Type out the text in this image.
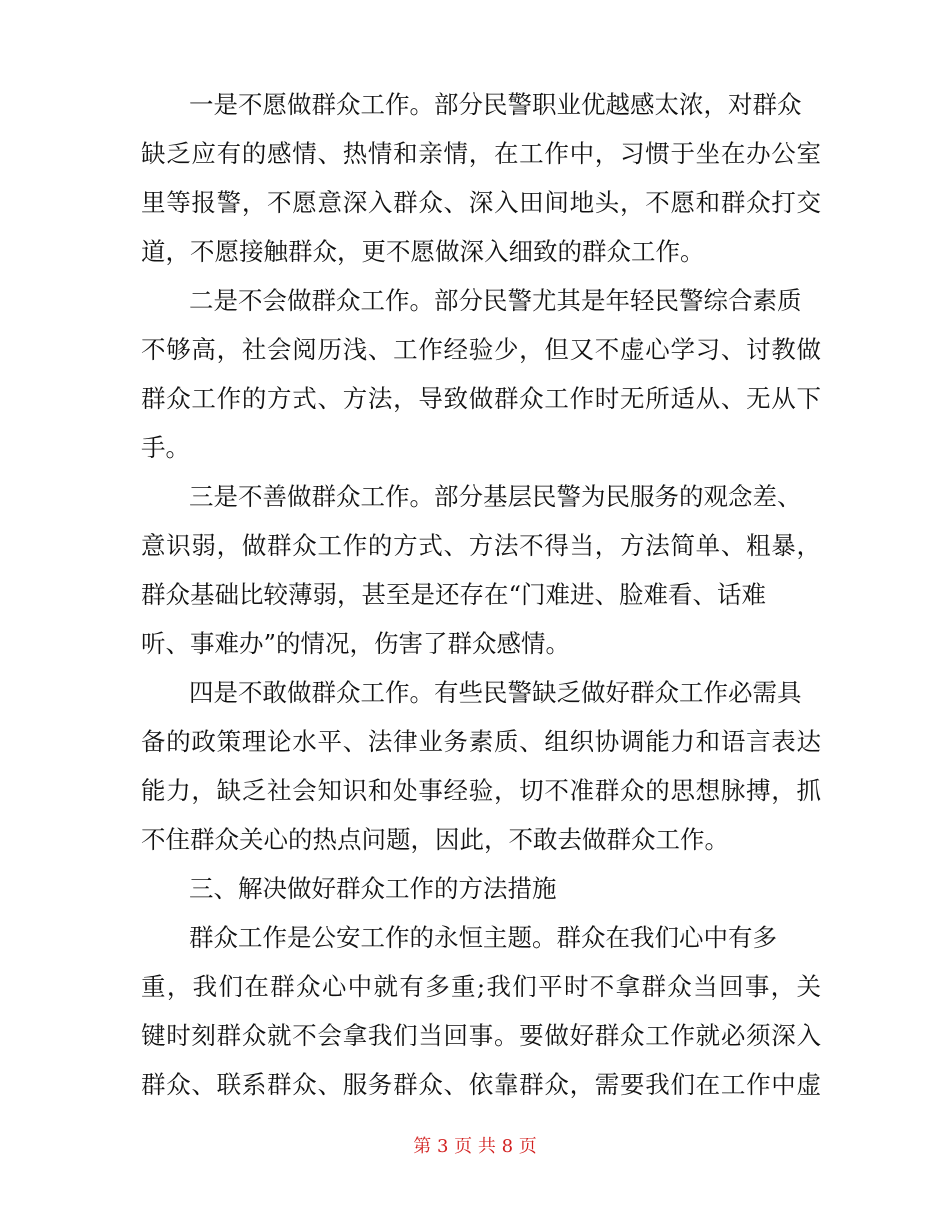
一是不愿做群众工作。部分民警职业优越感太浓，对群众
缺乏应有的感情、热情和亲情，在工作中，习惯于坐在办公室
里等报警，不愿意深入群众、深入田间地头，不愿和群众打交
道，不愿接触群众，更不愿做深入细致的群众工作。
二是不会做群众工作。部分民警尤其是年轻民警综合素质
不够高，社会阅历浅、工作经验少，但又不虚心学习、讨教做
群众工作的方式、方法，导致做群众工作时无所适从、无从下
手。
三是不善做群众工作。部分基层民警为民服务的观念差、
意识弱，做群众工作的方式、方法不得当，方法简单、粗暴，
群众基础比较薄弱，甚至是还存在“门难进、脸难看、话难
听、事难办”的情况，伤害了群众感情。
四是不敢做群众工作。有些民警缺乏做好群众工作必需具
备的政策理论水平、法律业务素质、组织协调能力和语言表达
能力，缺乏社会知识和处事经验，切不准群众的思想脉搏，抓
不住群众关心的热点问题，因此，不敢去做群众工作。
三、解决做好群众工作的方法措施
群众工作是公安工作的永恒主题。群众在我们心中有多
重，我们在群众心中就有多重;我们平时不拿群众当回事，关
键时刻群众就不会拿我们当回事。要做好群众工作就必须深入
群众、联系群众、服务群众、依靠群众，需要我们在工作中虚
第 3 页 共 8 页
